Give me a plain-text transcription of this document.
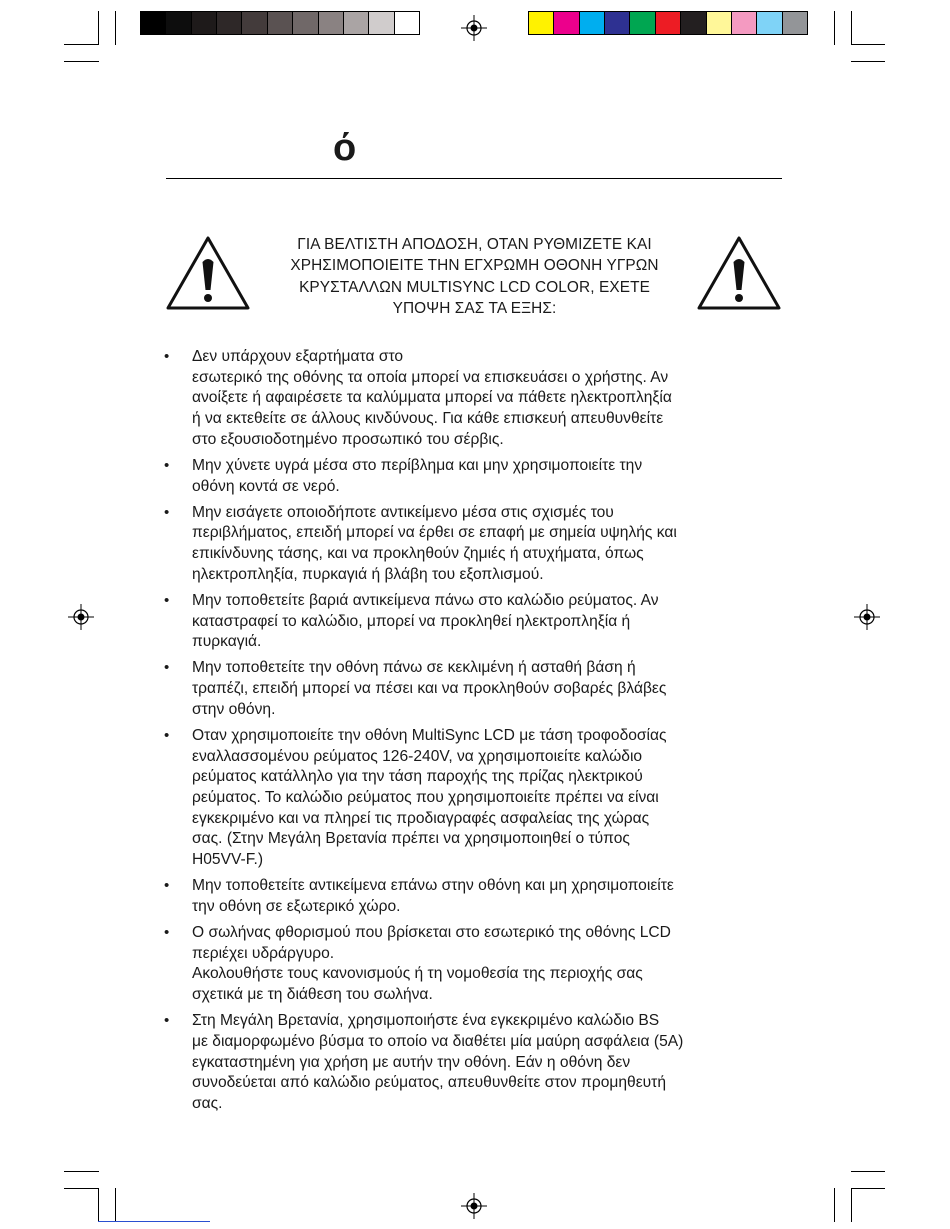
ό
ΓΙΑ ΒΕΛΤΙΣΤΗ ΑΠΟΔΟΣΗ, ΟΤΑΝ ΡΥΘΜΙΖΕΤΕ ΚΑΙ
ΧΡΗΣΙΜΟΠΟΙΕΙΤΕ ΤΗΝ ΕΓΧΡΩΜΗ ΟΘΟΝΗ ΥΓΡΩΝ
ΚΡΥΣΤΑΛΛΩΝ MULTISYNC LCD COLOR, ΕΧΕΤΕ
ΥΠΟΨΗ ΣΑΣ ΤΑ ΕΞΗΣ:
• Δεν υπάρχουν εξαρτήματα στο
εσωτερικό της οθόνης τα οποία μπορεί να επισκευάσει ο χρήστης. Αν
ανοίξετε ή αφαιρέσετε τα καλύμματα μπορεί να πάθετε ηλεκτροπληξία
ή να εκτεθείτε σε άλλους κινδύνους. Για κάθε επισκευή απευθυνθείτε
στο εξουσιοδοτημένο προσωπικό του σέρβις.
• Μην χύνετε υγρά μέσα στο περίβλημα και μην χρησιμοποιείτε την
οθόνη κοντά σε νερό.
• Μην εισάγετε οποιοδήποτε αντικείμενο μέσα στις σχισμές του
περιβλήματος, επειδή μπορεί να έρθει σε επαφή με σημεία υψηλής και
επικίνδυνης τάσης, και να προκληθούν ζημιές ή ατυχήματα, όπως
ηλεκτροπληξία, πυρκαγιά ή βλάβη του εξοπλισμού.
• Μην τοποθετείτε βαριά αντικείμενα πάνω στο καλώδιο ρεύματος. Αν
καταστραφεί το καλώδιο, μπορεί να προκληθεί ηλεκτροπληξία ή
πυρκαγιά.
• Μην τοποθετείτε την οθόνη πάνω σε κεκλιμένη ή ασταθή βάση ή
τραπέζι, επειδή μπορεί να πέσει και να προκληθούν σοβαρές βλάβες
στην οθόνη.
• Οταν χρησιμοποιείτε την οθόνη MultiSync LCD με τάση τροφοδοσίας
εναλλασσομένου ρεύματος 126-240V, να χρησιμοποιείτε καλώδιο
ρεύματος κατάλληλο για την τάση παροχής της πρίζας ηλεκτρικού
ρεύματος. Το καλώδιο ρεύματος που χρησιμοποιείτε πρέπει να είναι
εγκεκριμένο και να πληρεί τις προδιαγραφές ασφαλείας της χώρας
σας. (Στην Μεγάλη Βρετανία πρέπει να χρησιμοποιηθεί ο τύπος
H05VV-F.)
• Μην τοποθετείτε αντικείμενα επάνω στην οθόνη και μη χρησιμοποιείτε
την οθόνη σε εξωτερικό χώρο.
• Ο σωλήνας φθορισμού που βρίσκεται στο εσωτερικό της οθόνης LCD
περιέχει υδράργυρο.
Ακολουθήστε τους κανονισμούς ή τη νομοθεσία της περιοχής σας
σχετικά με τη διάθεση του σωλήνα.
• Στη Μεγάλη Βρετανία, χρησιμοποιήστε ένα εγκεκριμένο καλώδιο BS
με διαμορφωμένο βύσμα το οποίο να διαθέτει μία μαύρη ασφάλεια (5A)
εγκαταστημένη για χρήση με αυτήν την οθόνη. Εάν η οθόνη δεν
συνοδεύεται από καλώδιο ρεύματος, απευθυνθείτε στον προμηθευτή
σας.
